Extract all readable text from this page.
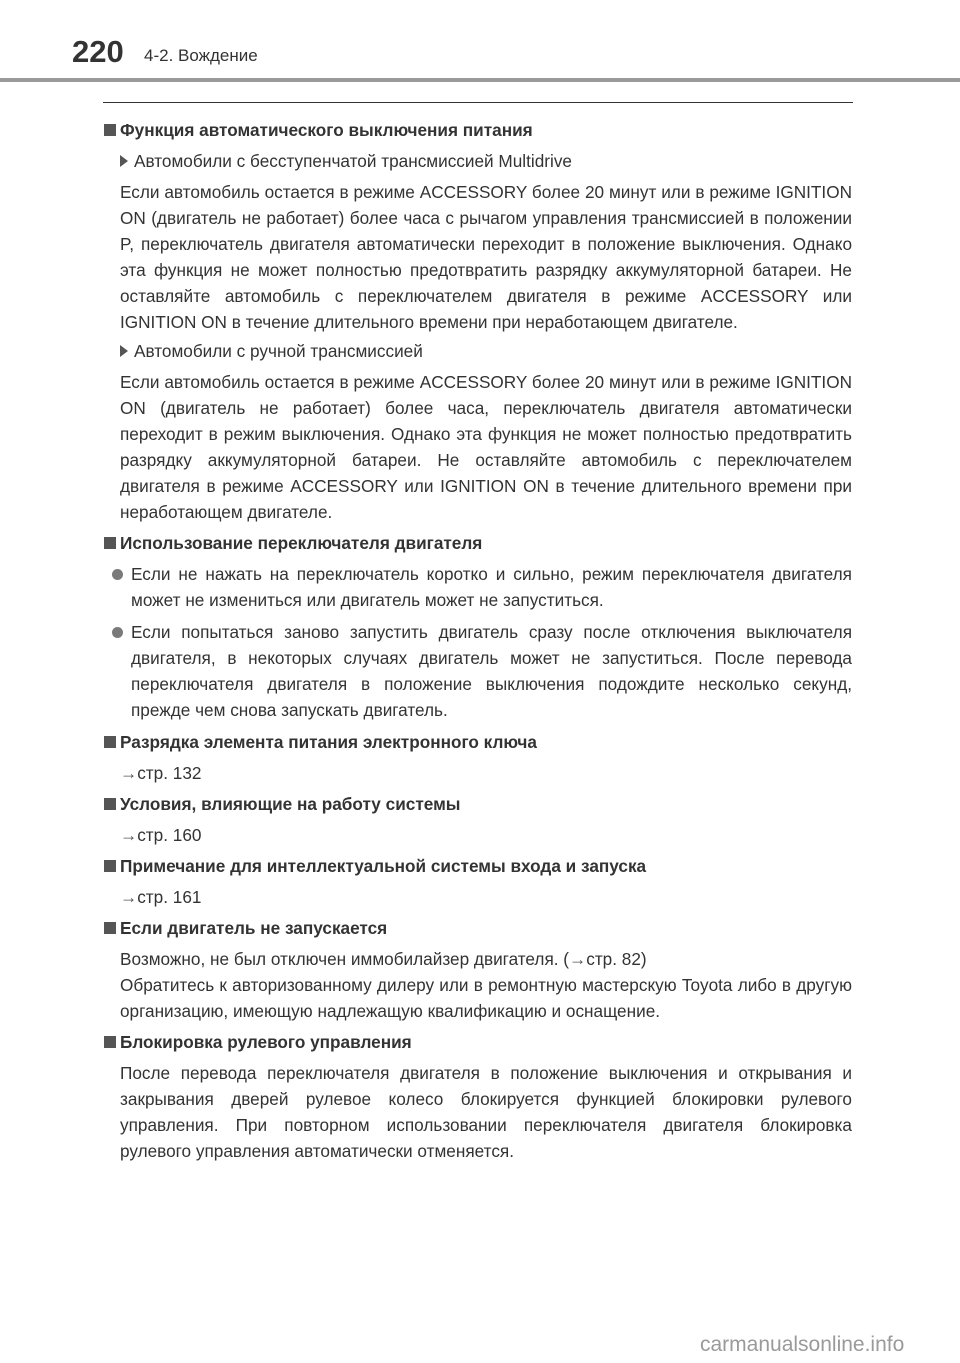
220 4-2. Вождение
Функция автоматического выключения питания
Автомобили с бесступенчатой трансмиссией Multidrive

Если автомобиль остается в режиме ACCESSORY более 20 минут или в режиме IGNITION ON (двигатель не работает) более часа с рычагом управления трансмиссией в положении P, переключатель двигателя автоматически переходит в положение выключения. Однако эта функция не может полностью предотвратить разрядку аккумуляторной батареи. Не оставляйте автомобиль с переключателем двигателя в режиме ACCESSORY или IGNITION ON в течение длительного времени при неработающем двигателе.

Автомобили с ручной трансмиссией

Если автомобиль остается в режиме ACCESSORY более 20 минут или в режиме IGNITION ON (двигатель не работает) более часа, переключатель двигателя автоматически переходит в режим выключения. Однако эта функция не может полностью предотвратить разрядку аккумуляторной батареи. Не оставляйте автомобиль с переключателем двигателя в режиме ACCESSORY или IGNITION ON в течение длительного времени при неработающем двигателе.

Использование переключателя двигателя
Если не нажать на переключатель коротко и сильно, режим переключателя двигателя может не измениться или двигатель может не запуститься.
Если попытаться заново запустить двигатель сразу после отключения выключателя двигателя, в некоторых случаях двигатель может не запуститься. После перевода переключателя двигателя в положение выключения подождите несколько секунд, прежде чем снова запускать двигатель.
Разрядка элемента питания электронного ключа

→стр. 132

Условия, влияющие на работу системы

→стр. 160

Примечание для интеллектуальной системы входа и запуска

→стр. 161

Если двигатель не запускается

Возможно, не был отключен иммобилайзер двигателя. (→стр. 82)

Обратитесь к авторизованному дилеру или в ремонтную мастерскую Toyota либо в другую организацию, имеющую надлежащую квалификацию и оснащение.

Блокировка рулевого управления

После перевода переключателя двигателя в положение выключения и открывания и закрывания дверей рулевое колесо блокируется функцией блокировки рулевого управления. При повторном использовании переключателя двигателя блокировка рулевого управления автоматически отменяется.

carmanualsonline.info
